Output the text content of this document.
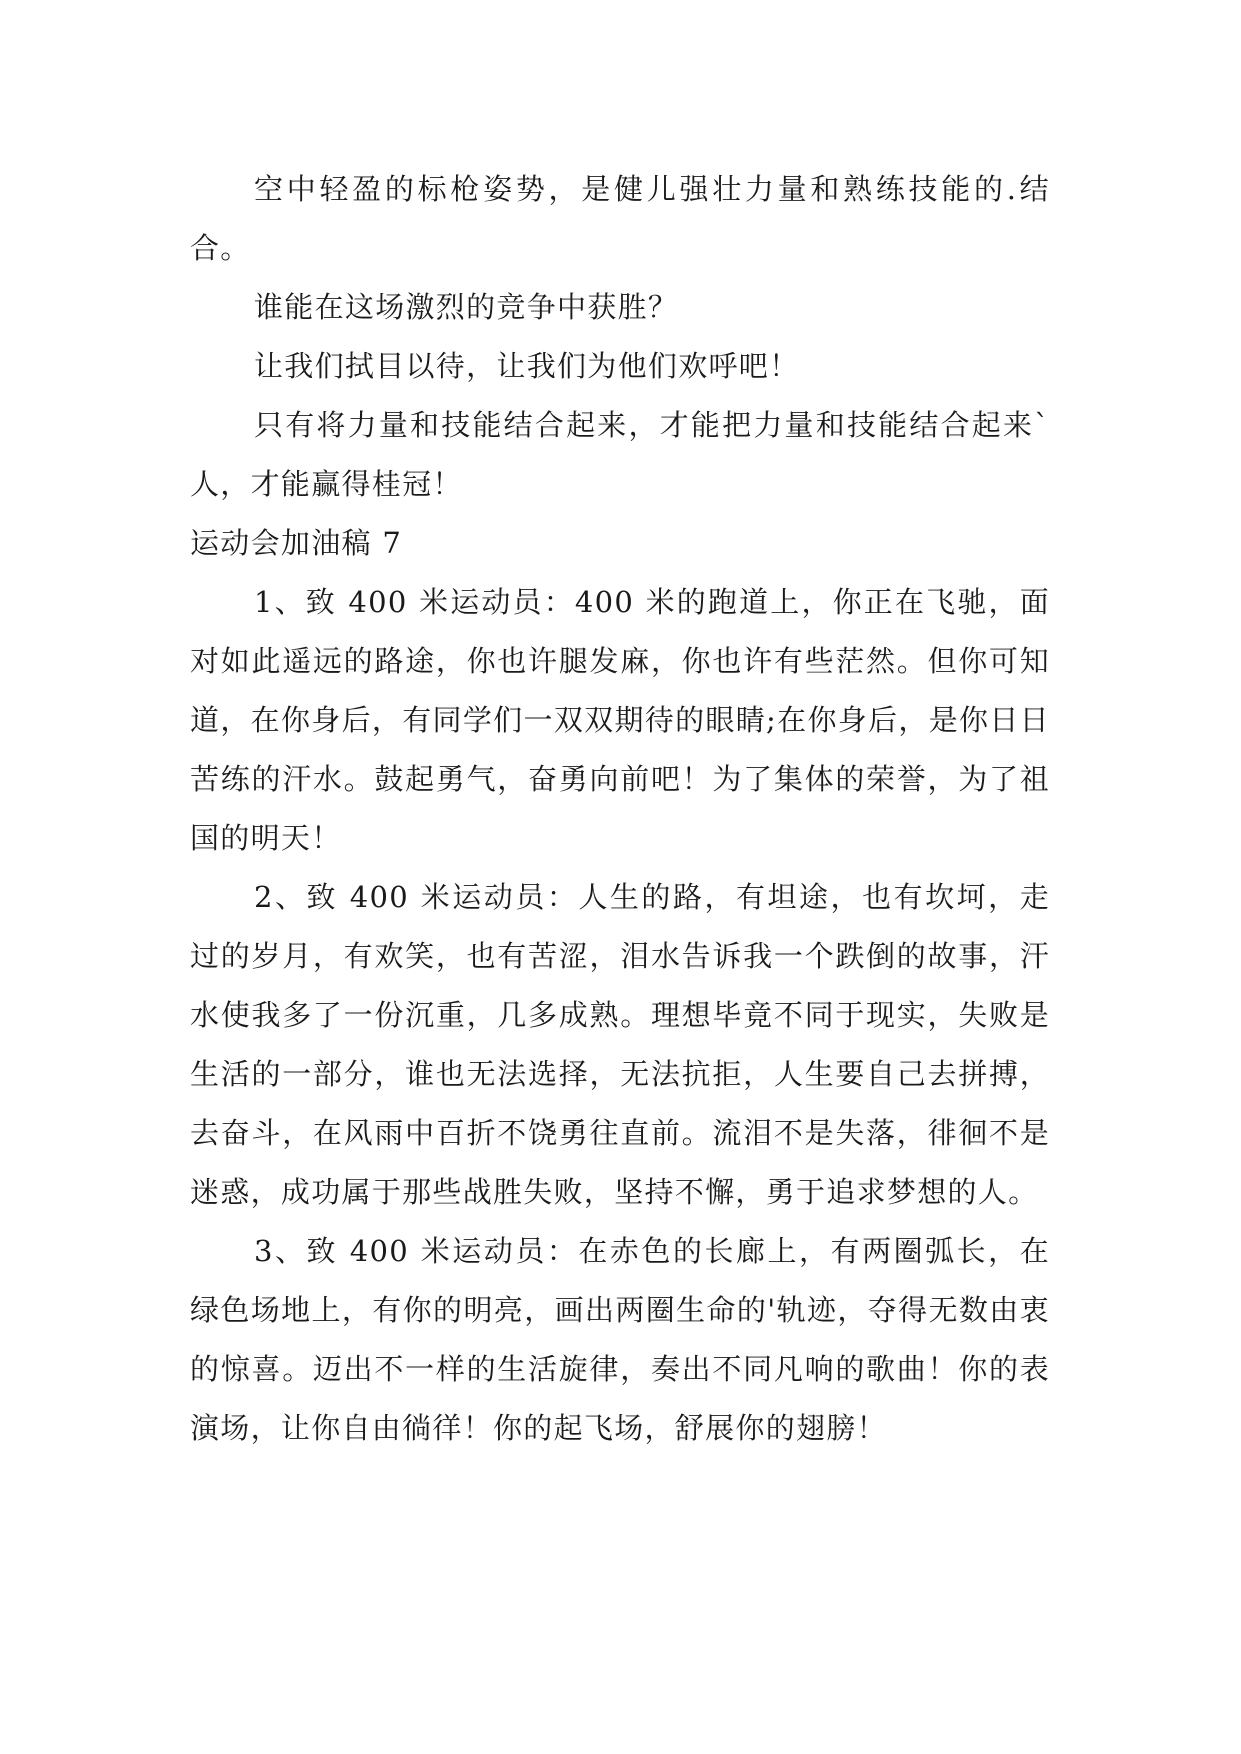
空中轻盈的标枪姿势，是健儿强壮力量和熟练技能的.结合。

谁能在这场激烈的竞争中获胜？

让我们拭目以待，让我们为他们欢呼吧！

只有将力量和技能结合起来，才能把力量和技能结合起来`人，才能赢得桂冠！

运动会加油稿 7

1、致 400 米运动员：400 米的跑道上，你正在飞驰，面对如此遥远的路途，你也许腿发麻，你也许有些茫然。但你可知道，在你身后，有同学们一双双期待的眼睛;在你身后，是你日日苦练的汗水。鼓起勇气，奋勇向前吧！为了集体的荣誉，为了祖国的明天！

2、致 400 米运动员：人生的路，有坦途，也有坎坷，走过的岁月，有欢笑，也有苦涩，泪水告诉我一个跌倒的故事，汗水使我多了一份沉重，几多成熟。理想毕竟不同于现实，失败是生活的一部分，谁也无法选择，无法抗拒，人生要自己去拼搏，去奋斗，在风雨中百折不饶勇往直前。流泪不是失落，徘徊不是迷惑，成功属于那些战胜失败，坚持不懈，勇于追求梦想的人。

3、致 400 米运动员：在赤色的长廊上，有两圈弧长，在绿色场地上，有你的明亮，画出两圈生命的'轨迹，夺得无数由衷的惊喜。迈出不一样的生活旋律，奏出不同凡响的歌曲！你的表演场，让你自由徜徉！你的起飞场，舒展你的翅膀！
